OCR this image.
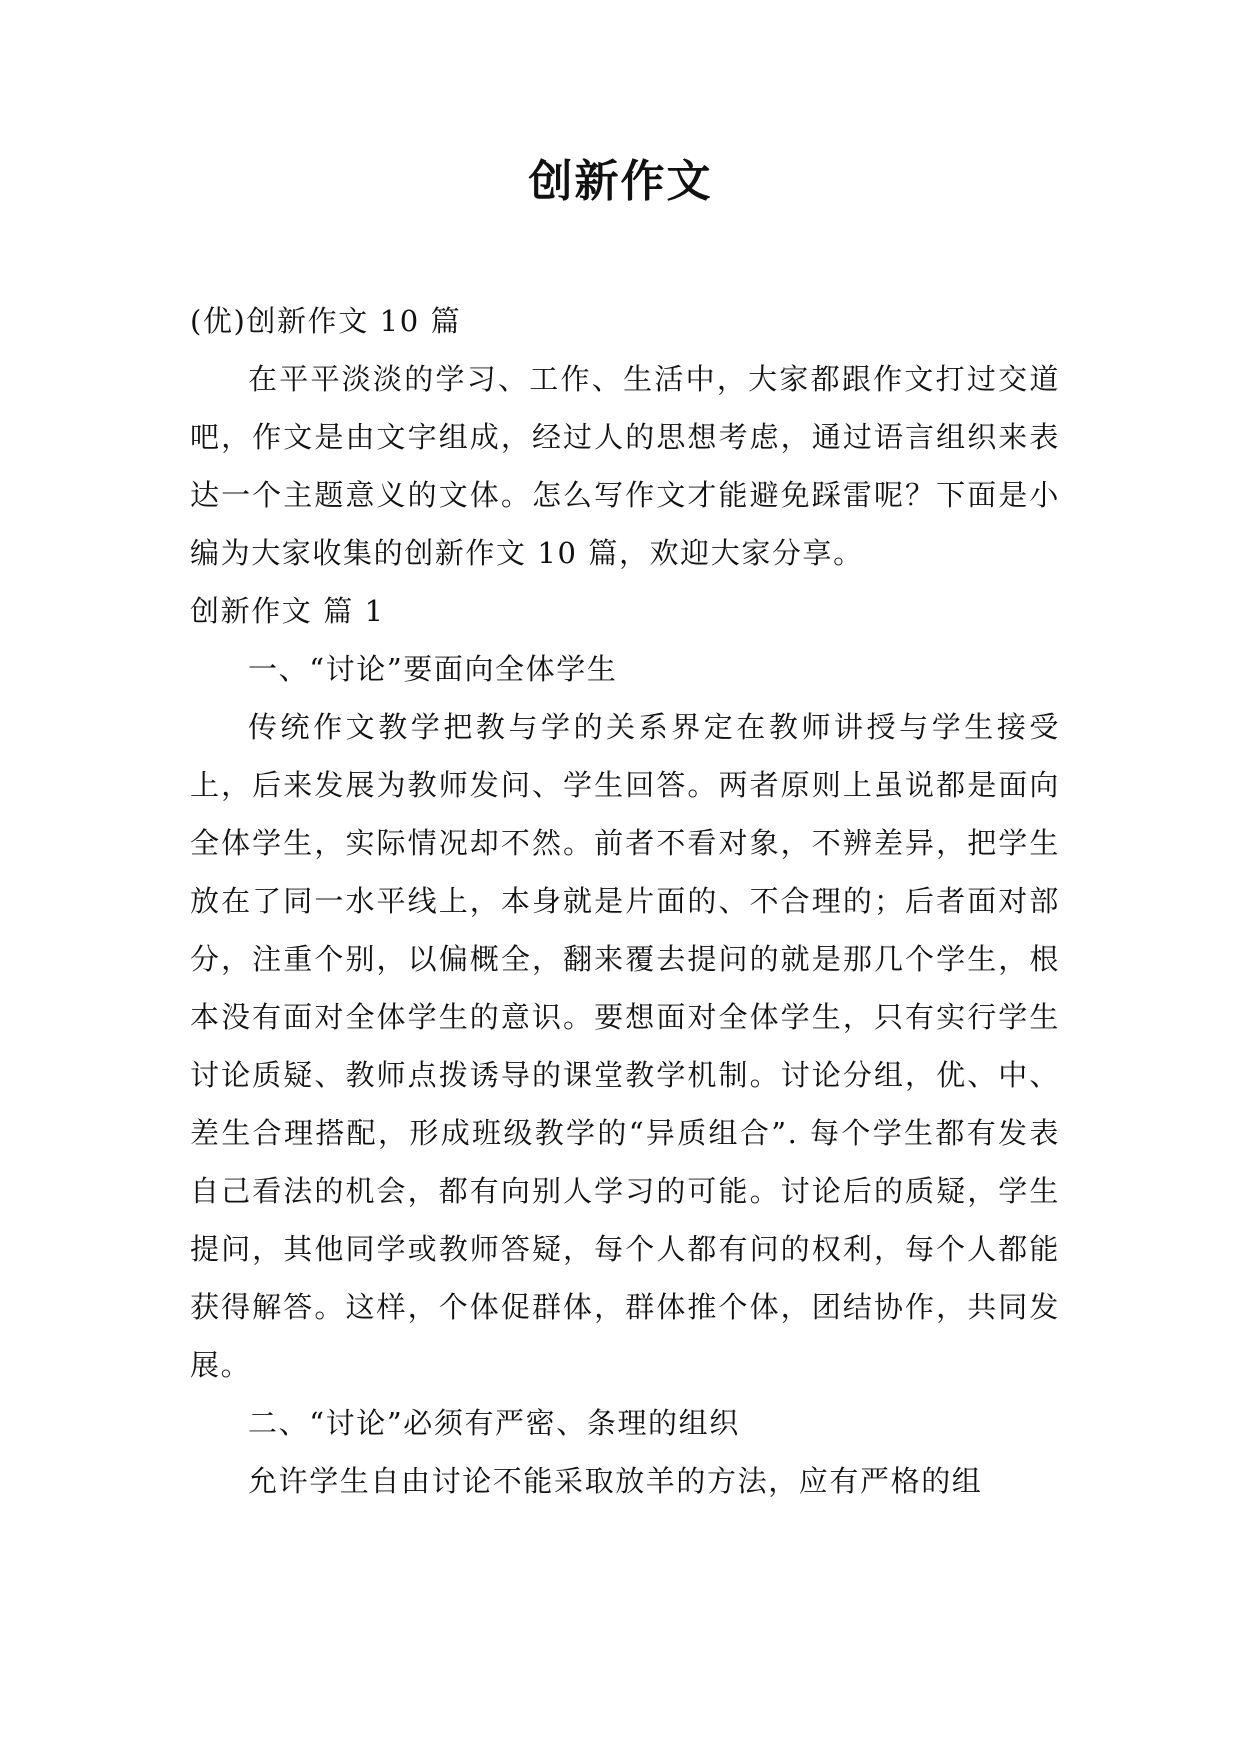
创新作文

(优)创新作文 10 篇

在平平淡淡的学习、工作、生活中，大家都跟作文打过交道吧，作文是由文字组成，经过人的思想考虑，通过语言组织来表达一个主题意义的文体。怎么写作文才能避免踩雷呢？下面是小编为大家收集的创新作文 10 篇，欢迎大家分享。

创新作文 篇 1

一、“讨论”要面向全体学生

传统作文教学把教与学的关系界定在教师讲授与学生接受上，后来发展为教师发问、学生回答。两者原则上虽说都是面向全体学生，实际情况却不然。前者不看对象，不辨差异，把学生放在了同一水平线上，本身就是片面的、不合理的；后者面对部分，注重个别，以偏概全，翻来覆去提问的就是那几个学生，根本没有面对全体学生的意识。要想面对全体学生，只有实行学生讨论质疑、教师点拨诱导的课堂教学机制。讨论分组，优、中、差生合理搭配，形成班级教学的“异质组合”. 每个学生都有发表自己看法的机会，都有向别人学习的可能。讨论后的质疑，学生提问，其他同学或教师答疑，每个人都有问的权利，每个人都能获得解答。这样，个体促群体，群体推个体，团结协作，共同发展。

二、“讨论”必须有严密、条理的组织

允许学生自由讨论不能采取放羊的方法，应有严格的组
